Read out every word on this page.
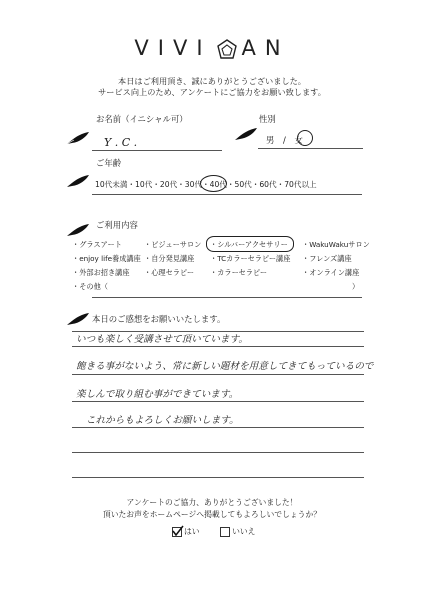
VIVI AN
本日はご利用頂き、誠にありがとうございました。
サービス向上のため、アンケートにご協力をお願い致します。
お名前（イニシャル可）
Y . C .
性別
男 / 女
ご年齢
10代未満・10代・20代・30代・40代・50代・60代・70代以上
ご利用内容
・グラスアート	・ビジューサロン ・シルバーアクセサリー ・WakuWakuサロン
・enjoy life養成講座 ・自分発見講座 ・TCカラーセラピー講座 ・フレンズ講座
・外部お招き講座 ・心理セラピー ・カラーセラピー	・オンライン講座
・その他（	）
本日のご感想をお願いいたします。
いつも楽しく受講させて頂いています。
飽きる事がないよう、常に新しい題材を用意してきてもっているので
楽しんで取り組む事ができています。
これからもよろしくお願いします。
アンケートのご協力、ありがとうございました！
頂いたお声をホームページへ掲載してもよろしいでしょうか？
はい	いいえ
